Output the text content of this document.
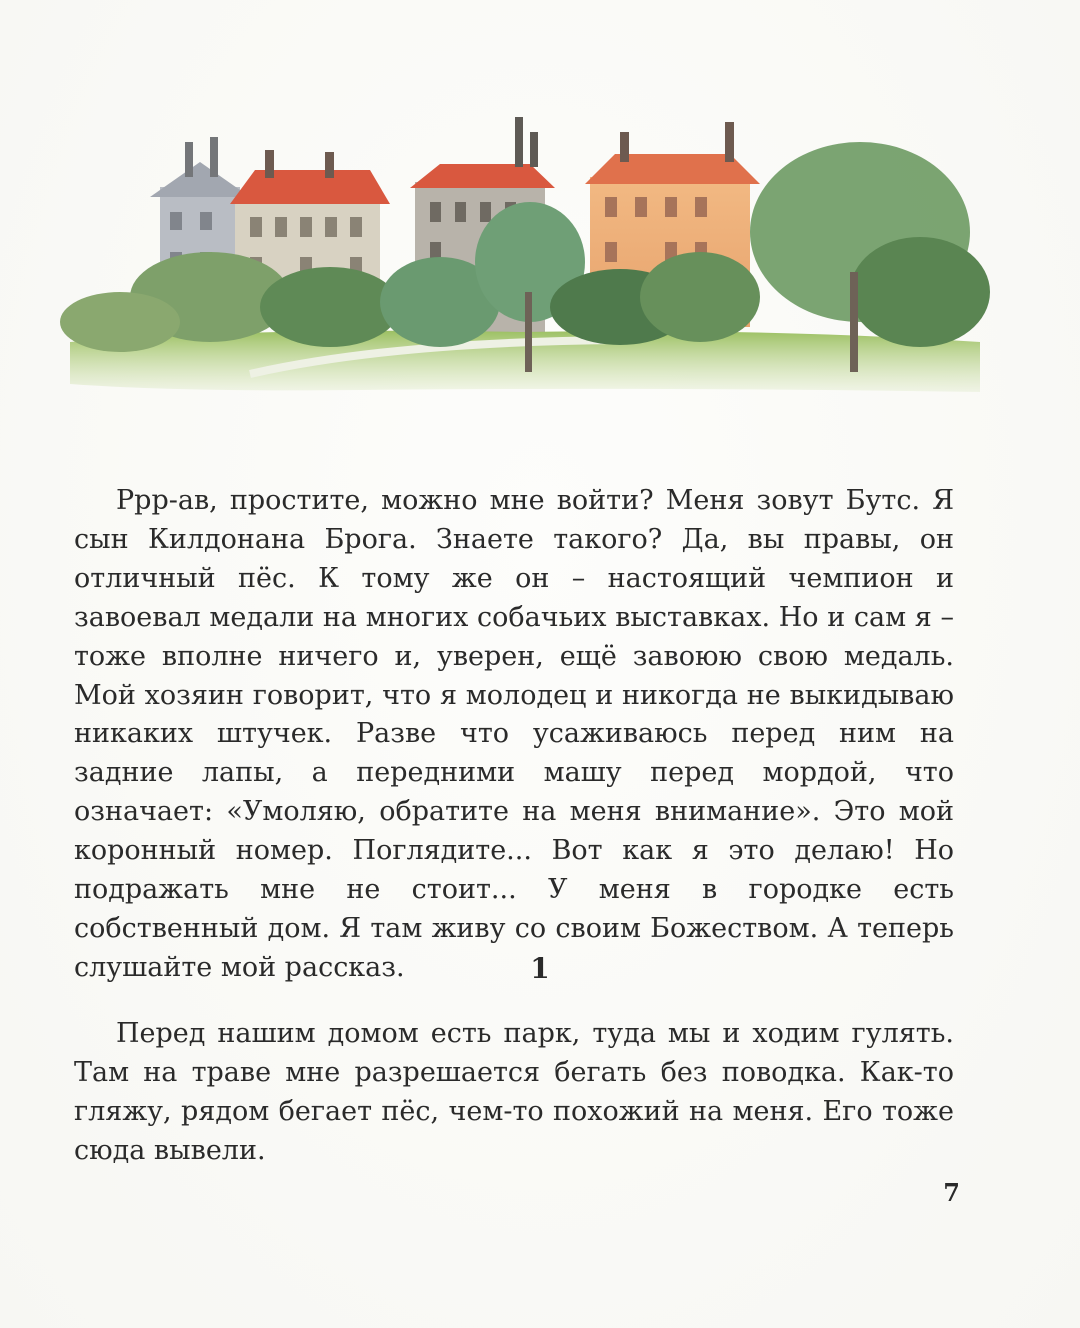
Ррр-ав, простите, можно мне войти? Меня зовут Бутс. Я сын Килдонана Брога. Знаете такого? Да, вы правы, он отличный пёс. К тому же он – настоящий чемпион и завоевал медали на многих собачьих выставках. Но и сам я – тоже вполне ничего и, уверен, ещё завоюю свою медаль. Мой хозяин говорит, что я молодец и никогда не выкидываю никаких штучек. Разве что усаживаюсь перед ним на задние лапы, а передними машу перед мордой, что означает: «Умоляю, обратите на меня внимание». Это мой коронный номер. Поглядите... Вот как я это делаю! Но подражать мне не стоит... У меня в городке есть собственный дом. Я там живу со своим Божеством. А теперь слушайте мой рассказ.	1

Перед нашим домом есть парк, туда мы и ходим гулять. Там на траве мне разрешается бегать без поводка. Как-то гляжу, рядом бегает пёс, чем-то похожий на меня. Его тоже сюда вывели.

7
